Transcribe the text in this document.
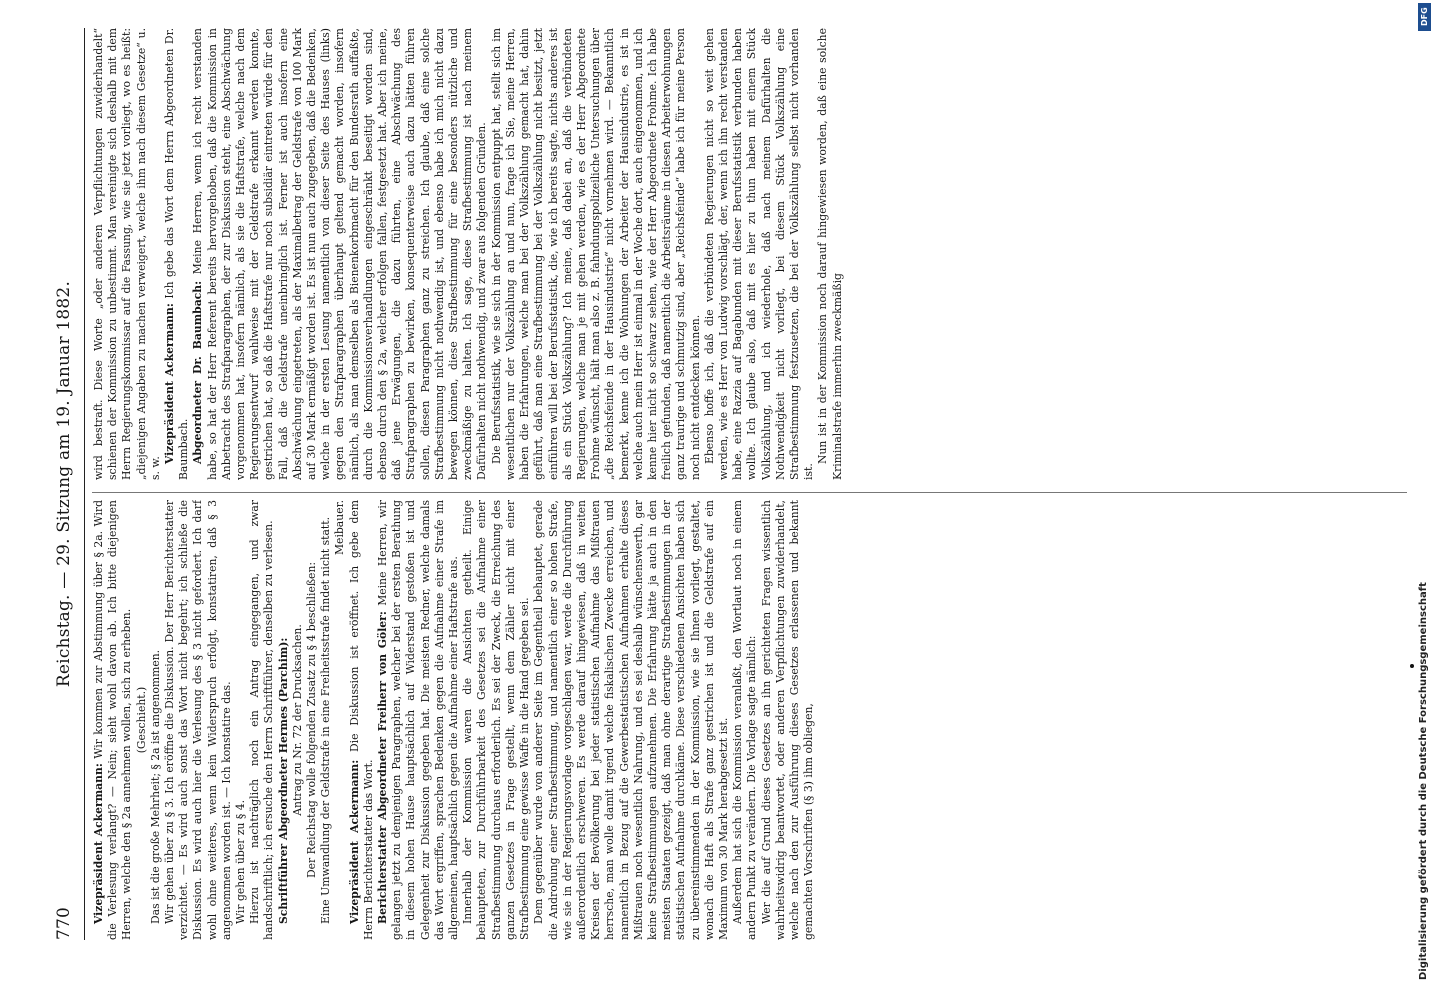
770
Reichstag. — 29. Sitzung am 19. Januar 1882.

Vizepräsident Ackermann: Wir kommen zur Abstimmung über § 2a. Wird die Verlesung verlangt? — Nein; sieht wohl davon ab. Ich bitte diejenigen Herren, welche den § 2a annehmen wollen, sich zu erheben. (Geschieht.) Das ist die große Mehrheit; § 2a ist angenommen. Wir gehen über zu § 3. Ich eröffne die Diskussion. Der Herr Berichterstatter verzichtet. — Es wird auch sonst das Wort nicht begehrt; ich schließe die Diskussion. Es wird auch hier die Verlesung des § 3 nicht gefordert. Ich darf wohl ohne weiteres, wenn kein Widerspruch erfolgt, konstatiren, daß § 3 angenommen worden ist. — Ich konstatire das. Wir gehen über zu § 4. Hierzu ist nachträglich noch ein Antrag eingegangen, und zwar handschriftlich; ich ersuche den Herrn Schriftführer, denselben zu verlesen. Schriftführer Abgeordneter Hermes (Parchim): Antrag zu Nr. 72 der Drucksachen. Der Reichstag wolle folgenden Zusatz zu § 4 beschließen: Eine Umwandlung der Geldstrafe in eine Freiheitsstrafe findet nicht statt. Meibauer.

Vizepräsident Ackermann: Die Diskussion ist eröffnet. Ich gebe dem Herrn Berichterstatter das Wort. Berichterstatter Abgeordneter Freiherr von Göler: Meine Herren, wir gelangen jetzt zu demjenigen Paragraphen, welcher bei der ersten Berathung in diesem hohen Hause hauptsächlich auf Widerstand gestoßen ist und Gelegenheit zur Diskussion gegeben hat. Die meisten Redner, welche damals das Wort ergriffen, sprachen Bedenken gegen die Aufnahme einer Strafe im allgemeinen, hauptsächlich gegen die Aufnahme einer Haftstrafe aus. Innerhalb der Kommission waren die Ansichten getheilt. Einige behaupteten, zur Durchführbarkeit des Gesetzes sei die Aufnahme einer Strafbestimmung durchaus erforderlich. Es sei der Zweck, die Erreichung des ganzen Gesetzes in Frage gestellt, wenn dem Zähler nicht mit einer Strafbestimmung eine gewisse Waffe in die Hand gegeben sei. Dem gegenüber wurde von anderer Seite im Gegentheil behauptet, gerade die Androhung einer Strafbestimmung, und namentlich einer so hohen Strafe, wie sie in der Regierungsvorlage vorgeschlagen war, werde die Durchführung außerordentlich erschweren. Es werde darauf hingewiesen, daß in weiten Kreisen der Bevölkerung bei jeder statistischen Aufnahme das Mißtrauen herrsche, man wolle damit irgend welche fiskalischen Zwecke erreichen, und namentlich in Bezug auf die Gewerbestatistischen Aufnahmen erhalte dieses Mißtrauen noch wesentlich Nahrung, und es sei deshalb wünschenswerth, gar keine Strafbestimmungen aufzunehmen. Die Erfahrung hätte ja auch in den meisten Staaten gezeigt, daß man ohne derartige Strafbestimmungen in der statistischen Aufnahme durchkäme. Diese verschiedenen Ansichten haben sich zu übereinstimmenden in der Kommission, wie sie Ihnen vorliegt, gestaltet, wonach die Haft als Strafe ganz gestrichen ist und die Geldstrafe auf ein Maximum von 30 Mark herabgesetzt ist. Außerdem hat sich die Kommission veranlaßt, den Wortlaut noch in einem andern Punkt zu verändern. Die Vorlage sagte nämlich: Wer die auf Grund dieses Gesetzes an ihn gerichteten Fragen wissentlich wahrheitswidrig beantwortet, oder anderen Verpflichtungen zuwiderhandelt, welche nach den zur Ausführung dieses Gesetzes erlassenen und bekannt gemachten Vorschriften (§ 3) ihm obliegen,

wird bestraft. Diese Worte „oder anderen Verpflichtungen zuwiderhandelt“ schienen der Kommission zu unbestimmt. Man vereinigte sich deshalb mit dem Herrn Regierungskommissar auf die Fassung, wie sie jetzt vorliegt, wo es heißt: „diejenigen Angaben zu machen verweigert, welche ihm nach diesem Gesetze“ u. s. w.

Vizepräsident Ackermann: Ich gebe das Wort dem Herrn Abgeordneten Dr. Baumbach. Abgeordneter Dr. Baumbach: Meine Herren, wenn ich recht verstanden habe, so hat der Herr Referent bereits hervorgehoben, daß die Kommission in Anbetracht des Strafparagraphen, der zur Diskussion steht, eine Abschwächung vorgenommen hat, insofern nämlich, als sie die Haftstrafe, welche nach dem Regierungsentwurf wahlweise mit der Geldstrafe erkannt werden konnte, gestrichen hat, so daß die Haftstrafe nur noch subsidiär eintreten würde für den Fall, daß die Geldstrafe uneinbringlich ist. Ferner ist auch insofern eine Abschwächung eingetreten, als der Maximalbetrag der Geldstrafe von 100 Mark auf 30 Mark ermäßigt worden ist. Es ist nun auch zugegeben, daß die Bedenken, welche in der ersten Lesung namentlich von dieser Seite des Hauses (links) gegen den Strafparagraphen überhaupt geltend gemacht worden, insofern nämlich, als man demselben als Bienenkorbmacht für den Bundesrath auffaßte, durch die Kommissionsverhandlungen eingeschränkt beseitigt worden sind, ebenso durch den § 2a, welcher erfolgen fallen, festgesetzt hat. Aber ich meine, daß jene Erwägungen, die dazu führten, eine Abschwächung des Strafparagraphen zu bewirken, konsequenterweise auch dazu hätten führen sollen, diesen Paragraphen ganz zu streichen. Ich glaube, daß eine solche Strafbestimmung nicht nothwendig ist, und ebenso habe ich mich nicht dazu bewegen können, diese Strafbestimmung für eine besonders nützliche und zweckmäßige zu halten. Ich sage, diese Strafbestimmung ist nach meinem Dafürhalten nicht nothwendig, und zwar aus folgenden Gründen. Die Berufsstatistik, wie sie sich in der Kommission entpuppt hat, stellt sich im wesentlichen nur der Volkszählung an und nun, frage ich Sie, meine Herren, haben die Erfahrungen, welche man bei der Volkszählung gemacht hat, dahin geführt, daß man eine Strafbestimmung bei der Volkszählung nicht besitzt, jetzt einführen will bei der Berufsstatistik, die, wie ich bereits sagte, nichts anderes ist als ein Stück Volkszählung? Ich meine, daß dabei an, daß die verbündeten Regierungen, welche man je mit gehen werden, wie es der Herr Abgeordnete Frohme wünscht, hält man also z. B. fahndungspolizeiliche Untersuchungen über „die Reichsfeinde in der Hausindustrie“ nicht vornehmen wird. — Bekanntlich bemerkt, kenne ich die Wohnungen der Arbeiter der Hausindustrie, es ist in welche auch mein Herr ist einmal in der Woche dort, auch eingenommen, und ich kenne hier nicht so schwarz sehen, wie der Herr Abgeordnete Frohme. Ich habe freilich gefunden, daß namentlich die Arbeitsräume in diesen Arbeiterwohnungen ganz traurige und schmutzig sind, aber „Reichsfeinde“ habe ich für meine Person noch nicht entdecken können. Ebenso hoffe ich, daß die verbündeten Regierungen nicht so weit gehen werden, wie es Herr von Ludwig vorschlägt, der, wenn ich ihn recht verstanden habe, eine Razzia auf Bagabunden mit dieser Berufsstatistik verbunden haben wollte. Ich glaube also, daß mit es hier zu thun haben mit einem Stück Volkszählung, und ich wiederhole, daß nach meinem Dafürhalten die Nothwendigkeit nicht vorliegt, bei diesem Stück Volkszählung eine Strafbestimmung festzusetzen, die bei der Volkszählung selbst nicht vorhanden ist.

Nun ist in der Kommission noch darauf hingewiesen worden, daß eine solche Kriminalstrafe immerhin zweckmäßig

DFG
Digitalisierung gefördert durch die Deutsche Forschungsgemeinschaft
